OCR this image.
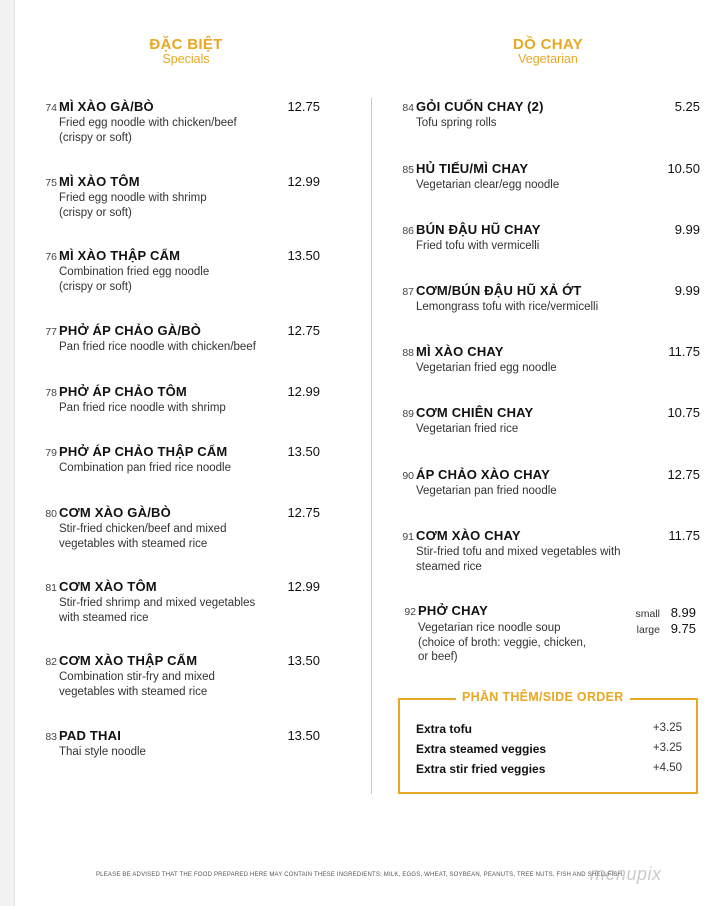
ĐẶC BIỆT
Specials
DỒ CHAY
Vegetarian
74 MÌ XÀO GÀ/BÒ
Fried egg noodle with chicken/beef
(crispy or soft)
12.75
75 MÌ XÀO TÔM
Fried egg noodle with shrimp
(crispy or soft)
12.99
76 MÌ XÀO THẬP CẨM
Combination fried egg noodle
(crispy or soft)
13.50
77 PHỞ ÁP CHẢO GÀ/BÒ
Pan fried rice noodle with chicken/beef
12.75
78 PHỞ ÁP CHẢO TÔM
Pan fried rice noodle with shrimp
12.99
79 PHỞ ÁP CHẢO THẬP CẨM
Combination pan fried rice noodle
13.50
80 CƠM XÀO GÀ/BÒ
Stir-fried chicken/beef and mixed
vegetables with steamed rice
12.75
81 CƠM XÀO TÔM
Stir-fried shrimp and mixed vegetables
with steamed rice
12.99
82 CƠM XÀO THẬP CẨM
Combination stir-fry and mixed
vegetables with steamed rice
13.50
83 PAD THAI
Thai style noodle
13.50
84 GỎI CUỐN CHAY (2)
Tofu spring rolls
5.25
85 HỦ TIẾU/MÌ CHAY
Vegetarian clear/egg noodle
10.50
86 BÚN ĐẬU HŨ CHAY
Fried tofu with vermicelli
9.99
87 CƠM/BÚN ĐẬU HŨ XẢ ỚT
Lemongrass tofu with rice/vermicelli
9.99
88 MÌ XÀO CHAY
Vegetarian fried egg noodle
11.75
89 CƠM CHIÊN CHAY
Vegetarian fried rice
10.75
90 ÁP CHẢO XÀO CHAY
Vegetarian pan fried noodle
12.75
91 CƠM XÀO CHAY
Stir-fried tofu and mixed vegetables with
steamed rice
11.75
92 PHỞ CHAY
Vegetarian rice noodle soup
(choice of broth: veggie, chicken,
or beef)
small 8.99
large 9.75
PHẦN THÊM/SIDE ORDER
Extra tofu	+3.25
Extra steamed veggies	+3.25
Extra stir fried veggies	+4.50
PLEASE BE ADVISED THAT THE FOOD PREPARED HERE MAY CONTAIN THESE INGREDIENTS: MILK, EGGS, WHEAT, SOYBEAN, PEANUTS, TREE NUTS, FISH AND SHELLFISH.
menupix
